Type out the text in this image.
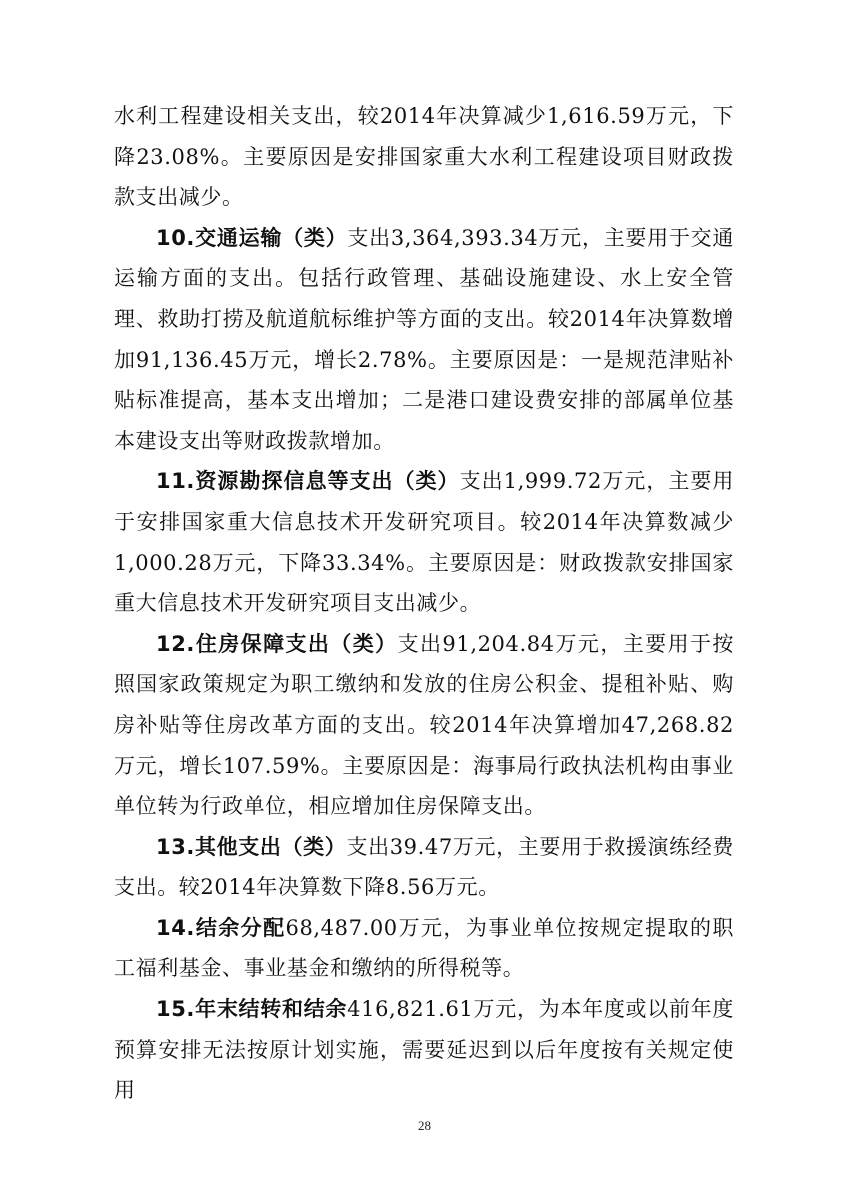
水利工程建设相关支出，较2014年决算减少1,616.59万元，下降23.08%。主要原因是安排国家重大水利工程建设项目财政拨款支出减少。

10.交通运输（类）支出3,364,393.34万元，主要用于交通运输方面的支出。包括行政管理、基础设施建设、水上安全管理、救助打捞及航道航标维护等方面的支出。较2014年决算数增加91,136.45万元，增长2.78%。主要原因是：一是规范津贴补贴标准提高，基本支出增加；二是港口建设费安排的部属单位基本建设支出等财政拨款增加。

11.资源勘探信息等支出（类）支出1,999.72万元，主要用于安排国家重大信息技术开发研究项目。较2014年决算数减少1,000.28万元，下降33.34%。主要原因是：财政拨款安排国家重大信息技术开发研究项目支出减少。

12.住房保障支出（类）支出91,204.84万元，主要用于按照国家政策规定为职工缴纳和发放的住房公积金、提租补贴、购房补贴等住房改革方面的支出。较2014年决算增加47,268.82万元，增长107.59%。主要原因是：海事局行政执法机构由事业单位转为行政单位，相应增加住房保障支出。

13.其他支出（类）支出39.47万元，主要用于救援演练经费支出。较2014年决算数下降8.56万元。

14.结余分配68,487.00万元，为事业单位按规定提取的职工福利基金、事业基金和缴纳的所得税等。

15.年末结转和结余416,821.61万元，为本年度或以前年度预算安排无法按原计划实施，需要延迟到以后年度按有关规定使用

28
